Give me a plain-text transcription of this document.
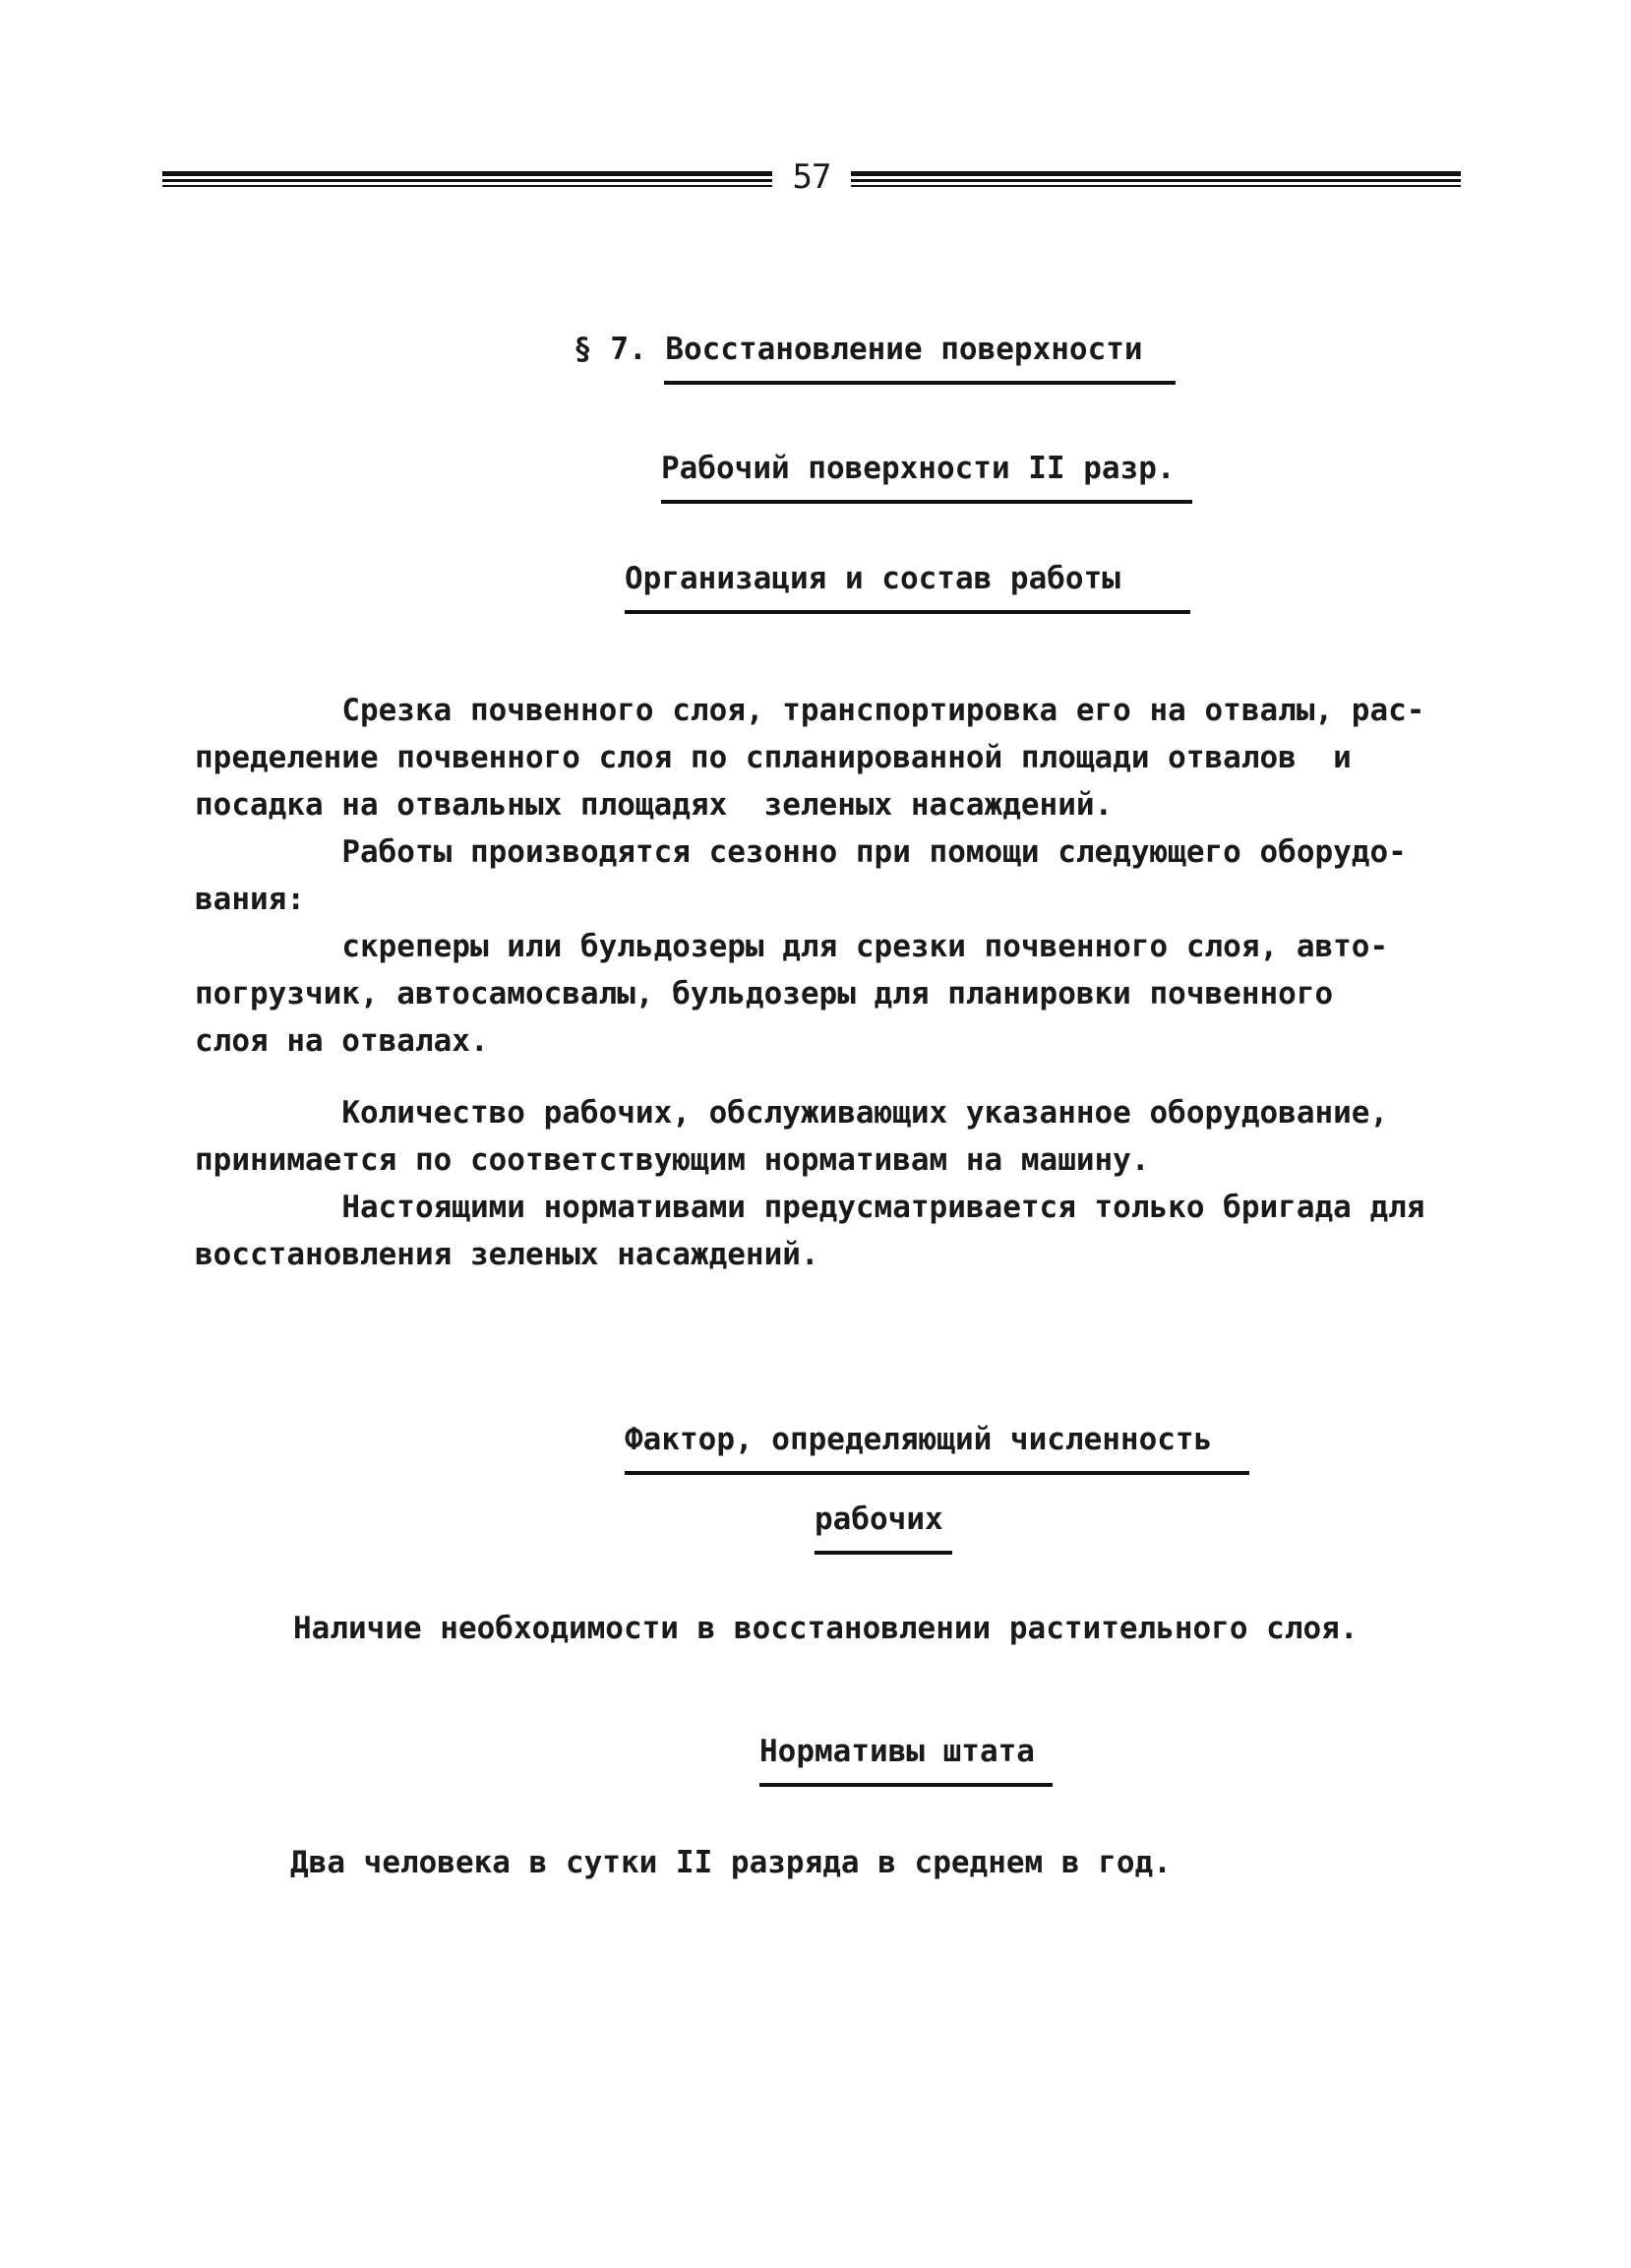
57
§ 7. Восстановление поверхности
Рабочий поверхности II разр.
Организация и состав работы
Срезка почвенного слоя, транспортировка его на отвалы, рас-
пределение почвенного слоя по спланированной площади отвалов  и
посадка на отвальных площадях  зеленых насаждений.
Работы производятся сезонно при помощи следующего оборудо-
вания:
скреперы или бульдозеры для срезки почвенного слоя, авто-
погрузчик, автосамосвалы, бульдозеры для планировки почвенного
слоя на отвалах.
Количество рабочих, обслуживающих указанное оборудование,
принимается по соответствующим нормативам на машину.
Настоящими нормативами предусматривается только бригада для
восстановления зеленых насаждений.
Фактор, определяющий численность
рабочих
Наличие необходимости в восстановлении растительного слоя.
Нормативы штата
Два человека в сутки II разряда в среднем в год.
